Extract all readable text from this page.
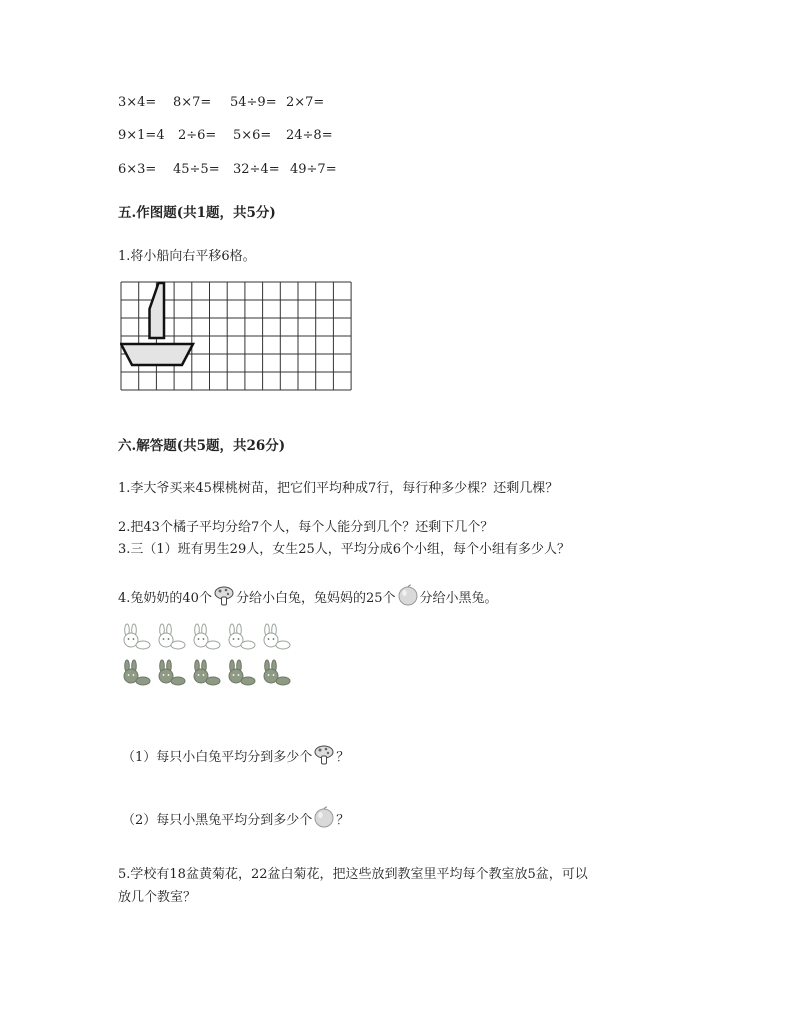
3×4= 8×7= 54÷9= 2×7=
9×1=4 2÷6= 5×6= 24÷8=
6×3= 45÷5= 32÷4= 49÷7=
五.作图题(共1题，共5分)
1.将小船向右平移6格。
六.解答题(共5题，共26分)
1.李大爷买来45棵桃树苗，把它们平均种成7行，每行种多少棵？还剩几棵？
2.把43个橘子平均分给7个人，每个人能分到几个？还剩下几个？
3.三（1）班有男生29人，女生25人，平均分成6个小组，每个小组有多少人？
4.兔奶奶的40个 分给小白兔，兔妈妈的25个 分给小黑兔。
（1）每只小白兔平均分到多少个 ？
（2）每只小黑兔平均分到多少个 ？
5.学校有18盆黄菊花，22盆白菊花，把这些放到教室里平均每个教室放5盆，可以
放几个教室？
